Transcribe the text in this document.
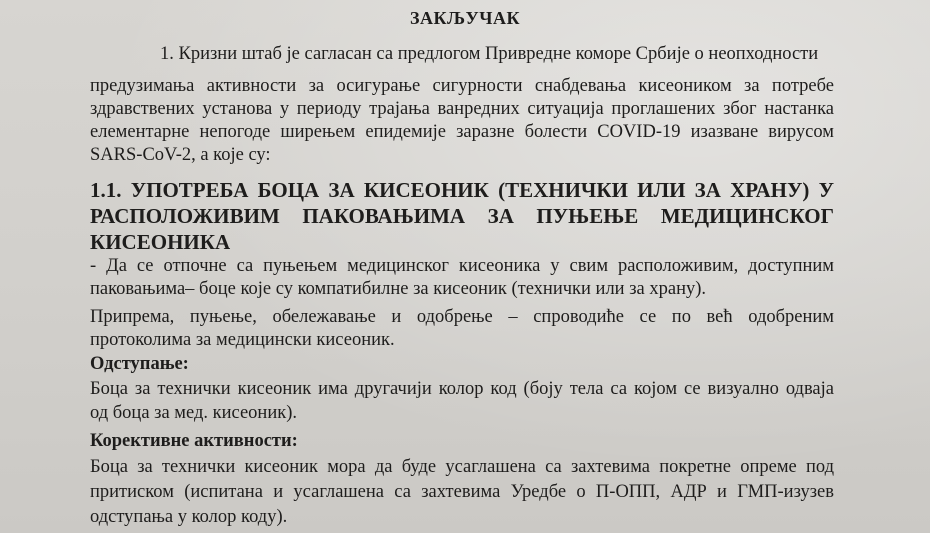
ЗАКЉУЧАК
1. Кризни штаб је сагласан са предлогом Привредне коморе Србије о неопходности
предузимања активности за осигурање сигурности снабдевања кисеоником за потребе
здравствених установа у периоду трајања ванредних ситуација проглашених због настанка
елементарне непогоде ширењем епидемије заразне болести COVID-19 изазване вирусом
SARS-CoV-2, а које су:
1.1. УПОТРЕБА БОЦА ЗА КИСЕОНИК (ТЕХНИЧКИ ИЛИ ЗА ХРАНУ) У
РАСПОЛОЖИВИМ ПАКОВАЊИМА ЗА ПУЊЕЊЕ МЕДИЦИНСКОГ
КИСЕОНИКА
- Да се отпочне са пуњењем медицинског кисеоника у свим расположивим, доступним
паковањима– боце које су компатибилне за кисеоник (технички или за храну).
Припрема, пуњење, обележавање и одобрење – спроводиће се по већ одобреним
протоколима за медицински кисеоник.
Одступање:
Боца за технички кисеоник има другачији колор код (боју тела са којом се визуално одваја
од боца за мед. кисеоник).
Корективне активности:
Боца за технички кисеоник мора да буде усаглашена са захтевима покретне опреме под
притиском (испитана и усаглашена са захтевима Уредбе о П-ОПП, АДР и ГМП-изузев
одступања у колор коду).
